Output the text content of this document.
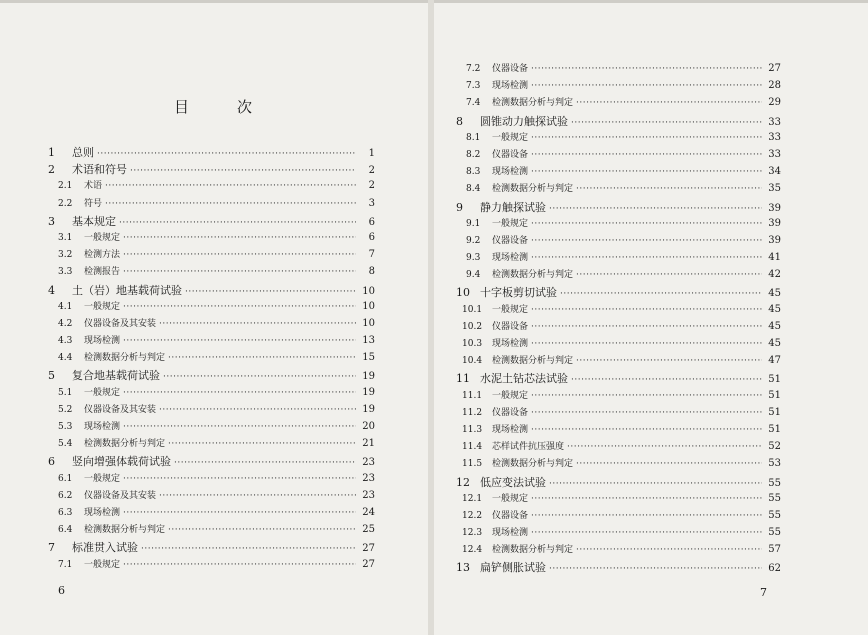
目	次
1	总则 ·····	1
2	术语和符号 ·····	2
2.1	术语 ·····	2
2.2	符号 ·····	3
3	基本规定 ·····	6
3.1	一般规定 ·····	6
3.2	检测方法 ·····	7
3.3	检测报告 ·····	8
4	土（岩）地基载荷试验 ·····	10
4.1	一般规定 ·····	10
4.2	仪器设备及其安装 ·····	10
4.3	现场检测 ·····	13
4.4	检测数据分析与判定 ·····	15
5	复合地基载荷试验 ·····	19
5.1	一般规定 ·····	19
5.2	仪器设备及其安装 ·····	19
5.3	现场检测 ·····	20
5.4	检测数据分析与判定 ·····	21
6	竖向增强体载荷试验 ·····	23
6.1	一般规定 ·····	23
6.2	仪器设备及其安装 ·····	23
6.3	现场检测 ·····	24
6.4	检测数据分析与判定 ·····	25
7	标准贯入试验 ·····	27
7.1	一般规定 ·····	27
6	7
7.2	仪器设备 ·····	27
7.3	现场检测 ·····	28
7.4	检测数据分析与判定 ·····	29
8	圆锥动力触探试验 ·····	33
8.1	一般规定 ·····	33
8.2	仪器设备 ·····	33
8.3	现场检测 ·····	34
8.4	检测数据分析与判定 ·····	35
9	静力触探试验 ·····	39
9.1	一般规定 ·····	39
9.2	仪器设备 ·····	39
9.3	现场检测 ·····	41
9.4	检测数据分析与判定 ·····	42
10 十字板剪切试验 ·····	45
10.1	一般规定 ·····	45
10.2	仪器设备 ·····	45
10.3	现场检测 ·····	45
10.4	检测数据分析与判定 ·····	47
11 水泥土钻芯法试验 ·····	51
11.1	一般规定 ·····	51
11.2	仪器设备 ·····	51
11.3	现场检测 ·····	51
11.4	芯样试件抗压强度 ·····	52
11.5	检测数据分析与判定 ·····	53
12 低应变法试验 ·····	55
12.1	一般规定 ·····	55
12.2	仪器设备 ·····	55
12.3	现场检测 ·····	55
12.4	检测数据分析与判定 ·····	57
13 扁铲侧胀试验 ·····	62
